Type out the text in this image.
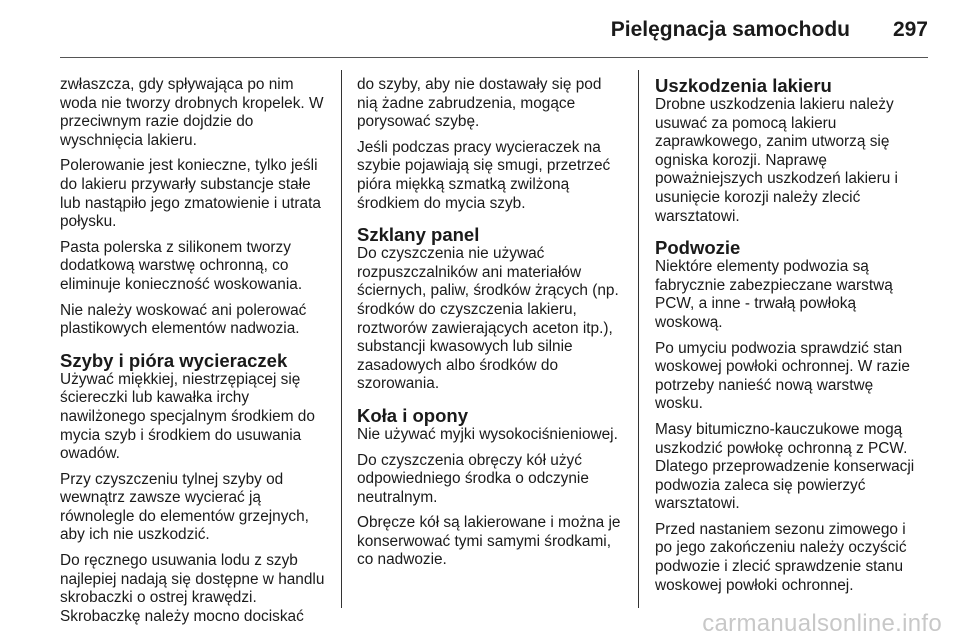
Pielęgnacja samochodu 297

zwłaszcza, gdy spływająca po nim woda nie tworzy drobnych kropelek. W przeciwnym razie dojdzie do wyschnięcia lakieru.

Polerowanie jest konieczne, tylko jeśli do lakieru przywarły substancje stałe lub nastąpiło jego zmatowienie i utrata połysku.

Pasta polerska z silikonem tworzy dodatkową warstwę ochronną, co eliminuje konieczność woskowania.

Nie należy woskować ani polerować plastikowych elementów nadwozia.

Szyby i pióra wycieraczek

Używać miękkiej, niestrzępiącej się ściereczki lub kawałka irchy nawilżonego specjalnym środkiem do mycia szyb i środkiem do usuwania owadów.

Przy czyszczeniu tylnej szyby od wewnątrz zawsze wycierać ją równolegle do elementów grzejnych, aby ich nie uszkodzić.

Do ręcznego usuwania lodu z szyb najlepiej nadają się dostępne w handlu skrobaczki o ostrej krawędzi. Skrobaczkę należy mocno dociskać

do szyby, aby nie dostawały się pod nią żadne zabrudzenia, mogące porysować szybę.

Jeśli podczas pracy wycieraczek na szybie pojawiają się smugi, przetrzeć pióra miękką szmatką zwilżoną środkiem do mycia szyb.

Szklany panel

Do czyszczenia nie używać rozpuszczalników ani materiałów ściernych, paliw, środków żrących (np. środków do czyszczenia lakieru, roztworów zawierających aceton itp.), substancji kwasowych lub silnie zasadowych albo środków do szorowania.

Koła i opony

Nie używać myjki wysokociśnieniowej.

Do czyszczenia obręczy kół użyć odpowiedniego środka o odczynie neutralnym.

Obręcze kół są lakierowane i można je konserwować tymi samymi środkami, co nadwozie.

Uszkodzenia lakieru

Drobne uszkodzenia lakieru należy usuwać za pomocą lakieru zaprawkowego, zanim utworzą się ogniska korozji. Naprawę poważniejszych uszkodzeń lakieru i usunięcie korozji należy zlecić warsztatowi.

Podwozie

Niektóre elementy podwozia są fabrycznie zabezpieczane warstwą PCW, a inne - trwałą powłoką woskową.

Po umyciu podwozia sprawdzić stan woskowej powłoki ochronnej. W razie potrzeby nanieść nową warstwę wosku.

Masy bitumiczno-kauczukowe mogą uszkodzić powłokę ochronną z PCW. Dlatego przeprowadzenie konserwacji podwozia zaleca się powierzyć warsztatowi.

Przed nastaniem sezonu zimowego i po jego zakończeniu należy oczyścić podwozie i zlecić sprawdzenie stanu woskowej powłoki ochronnej.

carmanualsonline.info
